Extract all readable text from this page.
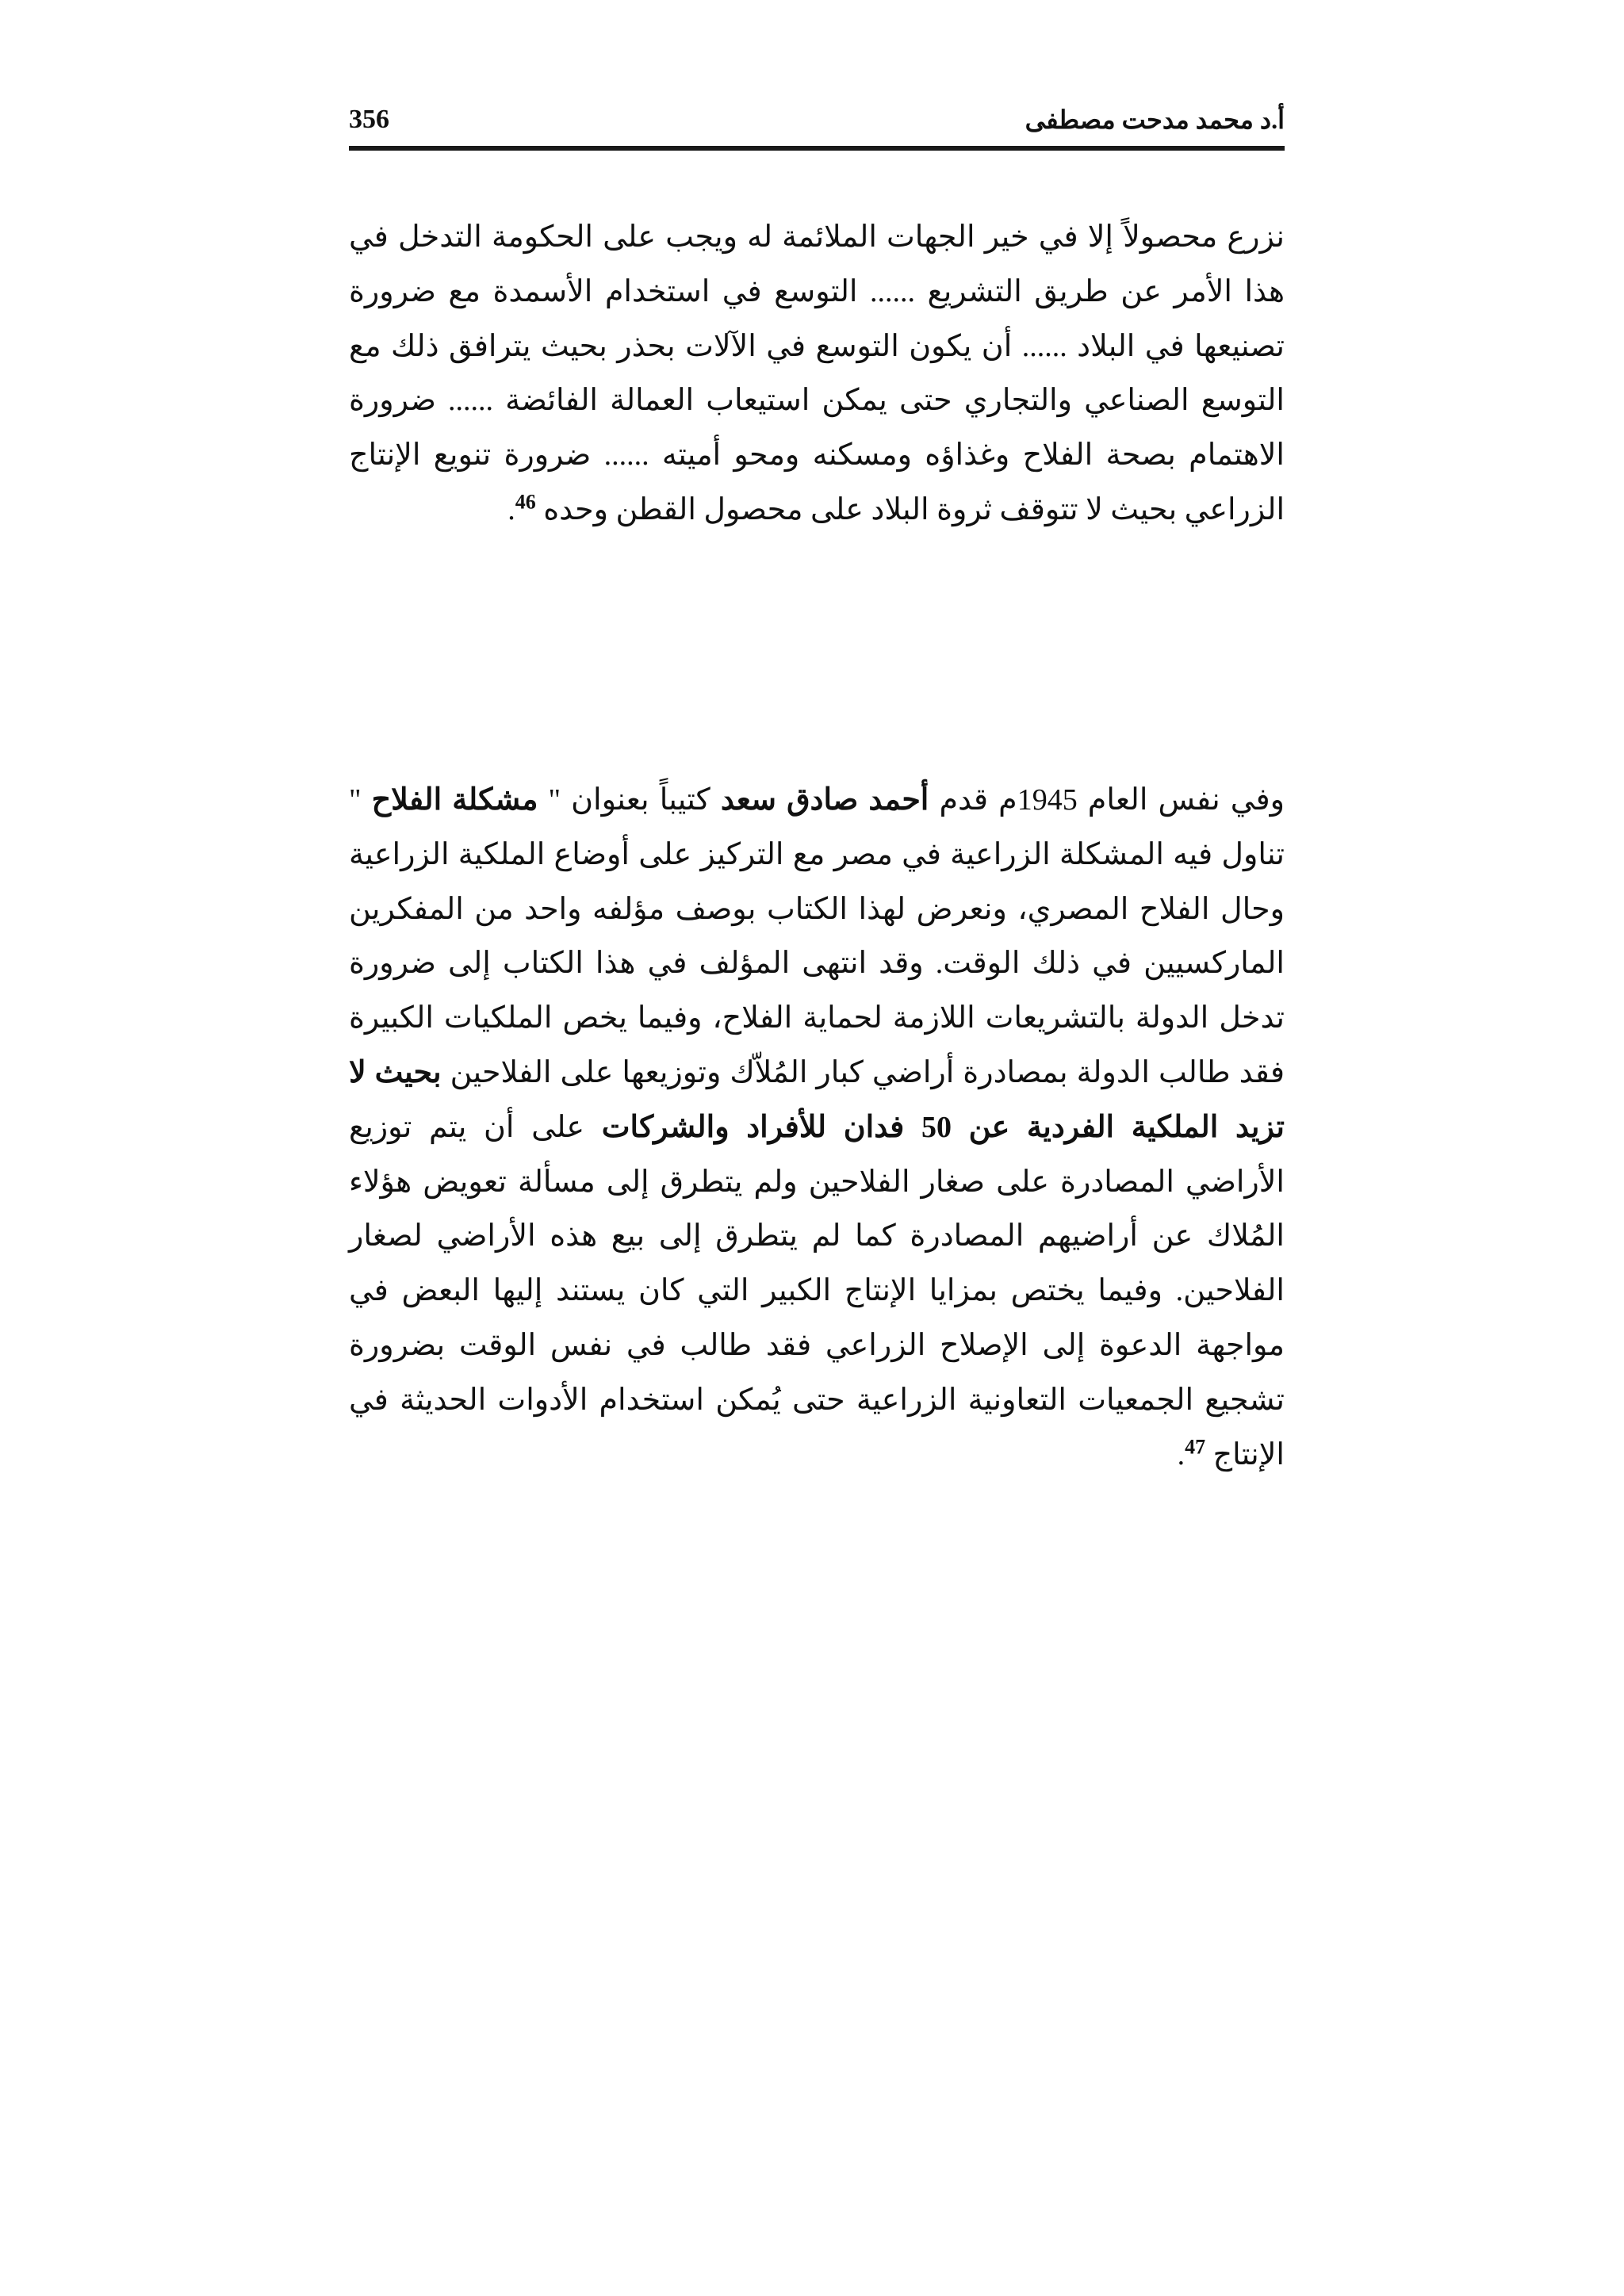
356	أ.د محمد مدحت مصطفى

نزرع محصولاً إلا في خير الجهات الملائمة له ويجب على الحكومة التدخل في هذا الأمر عن طريق التشريع ...... التوسع في استخدام الأسمدة مع ضرورة تصنيعها في البلاد ...... أن يكون التوسع في الآلات بحذر بحيث يترافق ذلك مع التوسع الصناعي والتجاري حتى يمكن استيعاب العمالة الفائضة ...... ضرورة الاهتمام بصحة الفلاح وغذاؤه ومسكنه ومحو أميته ...... ضرورة تنويع الإنتاج الزراعي بحيث لا تتوقف ثروة البلاد على محصول القطن وحده $^{46}$.

وفي نفس العام 1945م قدم أحمد صادق سعد كتيباً بعنوان " مشكلة الفلاح " تناول فيه المشكلة الزراعية في مصر مع التركيز على أوضاع الملكية الزراعية وحال الفلاح المصري، ونعرض لهذا الكتاب بوصف مؤلفه واحد من المفكرين الماركسيين في ذلك الوقت. وقد انتهى المؤلف في هذا الكتاب إلى ضرورة تدخل الدولة بالتشريعات اللازمة لحماية الفلاح، وفيما يخص الملكيات الكبيرة فقد طالب الدولة بمصادرة أراضي كبار المُلاّك وتوزيعها على الفلاحين بحيث لا تزيد الملكية الفردية عن 50 فدان للأفراد والشركات على أن يتم توزيع الأراضي المصادرة على صغار الفلاحين ولم يتطرق إلى مسألة تعويض هؤلاء المُلاك عن أراضيهم المصادرة كما لم يتطرق إلى بيع هذه الأراضي لصغار الفلاحين. وفيما يختص بمزايا الإنتاج الكبير التي كان يستند إليها البعض في مواجهة الدعوة إلى الإصلاح الزراعي فقد طالب في نفس الوقت بضرورة تشجيع الجمعيات التعاونية الزراعية حتى يُمكن استخدام الأدوات الحديثة في الإنتاج $^{47}$.
